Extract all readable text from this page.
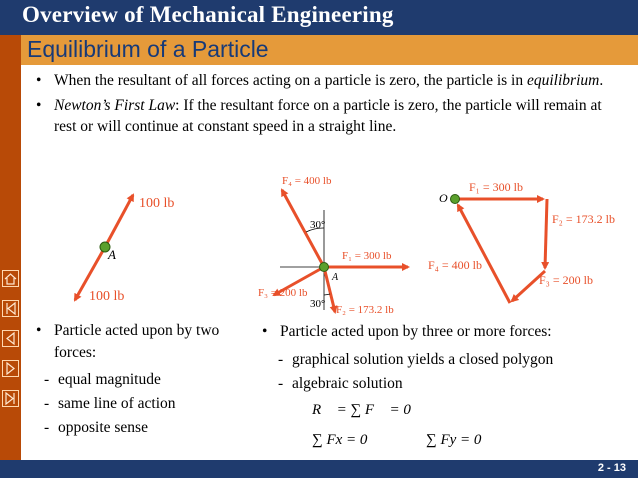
Overview of Mechanical Engineering
Equilibrium of a Particle
• When the resultant of all forces acting on a particle is zero, the particle is in equilibrium.
• Newton’s First Law: If the resultant force on a particle is zero, the particle will remain at rest or will continue at constant speed in a straight line.
100 lb
100 lb
A
F₄ = 400 lb
F₁ = 300 lb
F₃ = 200 lb
F₂ = 173.2 lb
30°
30°
A
O
F₁ = 300 lb
F₂ = 173.2 lb
F₃ = 200 lb
F₄ = 400 lb
• Particle acted upon by two forces:
- equal magnitude
- same line of action
- opposite sense
• Particle acted upon by three or more forces:
- graphical solution yields a closed polygon
- algebraic solution
R⃗ = ∑ F⃗ = 0
∑ Fx = 0	∑ Fy = 0
2 - 13
